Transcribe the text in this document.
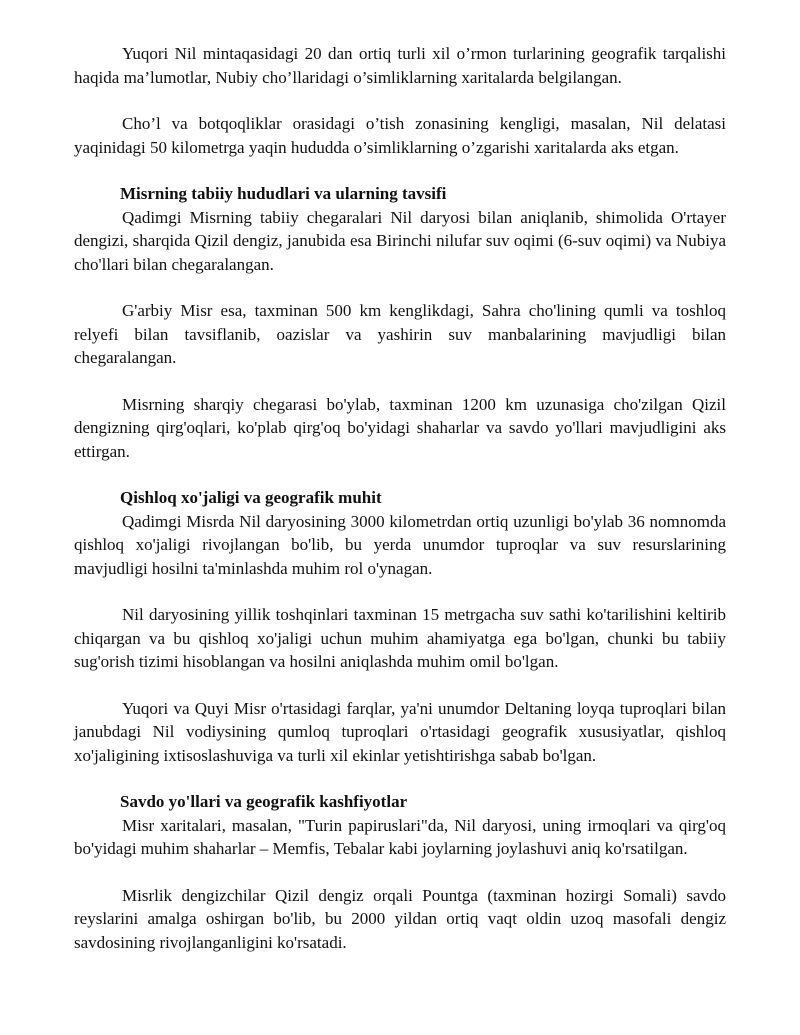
Yuqori Nil mintaqasidagi 20 dan ortiq turli xil o’rmon turlarining geografik tarqalishi haqida ma’lumotlar, Nubiy cho’llaridagi o’simliklarning xaritalarda belgilangan.

Cho’l va botqoqliklar orasidagi o’tish zonasining kengligi, masalan, Nil delatasi yaqinidagi 50 kilometrga yaqin hududda o’simliklarning o’zgarishi xaritalarda aks etgan.

Misrning tabiiy hududlari va ularning tavsifi

Qadimgi Misrning tabiiy chegaralari Nil daryosi bilan aniqlanib, shimolida O'rtayer dengizi, sharqida Qizil dengiz, janubida esa Birinchi nilufar suv oqimi (6-suv oqimi) va Nubiya cho'llari bilan chegaralangan.

G'arbiy Misr esa, taxminan 500 km kenglikdagi, Sahra cho'lining qumli va toshloq relyefi bilan tavsiflanib, oazislar va yashirin suv manbalarining mavjudligi bilan chegaralangan.

Misrning sharqiy chegarasi bo'ylab, taxminan 1200 km uzunasiga cho'zilgan Qizil dengizning qirg'oqlari, ko'plab qirg'oq bo'yidagi shaharlar va savdo yo'llari mavjudligini aks ettirgan.

Qishloq xo'jaligi va geografik muhit

Qadimgi Misrda Nil daryosining 3000 kilometrdan ortiq uzunligi bo'ylab 36 nomnomda qishloq xo'jaligi rivojlangan bo'lib, bu yerda unumdor tuproqlar va suv resurslarining mavjudligi hosilni ta'minlashda muhim rol o'ynagan.

Nil daryosining yillik toshqinlari taxminan 15 metrgacha suv sathi ko'tarilishini keltirib chiqargan va bu qishloq xo'jaligi uchun muhim ahamiyatga ega bo'lgan, chunki bu tabiiy sug'orish tizimi hisoblangan va hosilni aniqlashda muhim omil bo'lgan.

Yuqori va Quyi Misr o'rtasidagi farqlar, ya'ni unumdor Deltaning loyqa tuproqlari bilan janubdagi Nil vodiysining qumloq tuproqlari o'rtasidagi geografik xususiyatlar, qishloq xo'jaligining ixtisoslashuviga va turli xil ekinlar yetishtirishga sabab bo'lgan.

Savdo yo'llari va geografik kashfiyotlar

Misr xaritalari, masalan, "Turin papiruslari"da, Nil daryosi, uning irmoqlari va qirg'oq bo'yidagi muhim shaharlar – Memfis, Tebalar kabi joylarning joylashuvi aniq ko'rsatilgan.

Misrlik dengizchilar Qizil dengiz orqali Pountga (taxminan hozirgi Somali) savdo reyslarini amalga oshirgan bo'lib, bu 2000 yildan ortiq vaqt oldin uzoq masofali dengiz savdosining rivojlanganligini ko'rsatadi.
